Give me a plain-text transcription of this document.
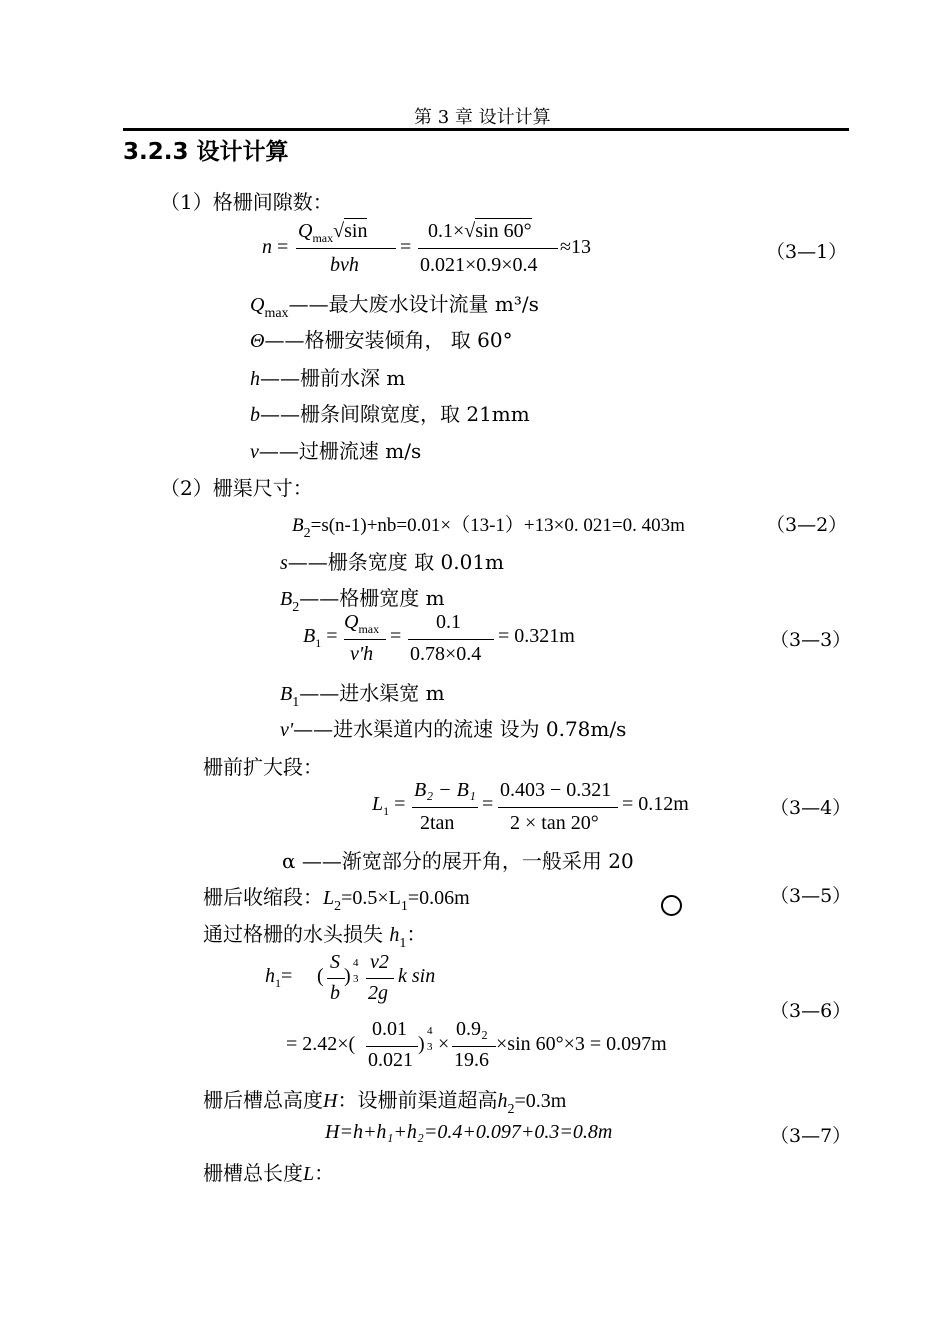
第 3 章 设计计算
3.2.3 设计计算
（1）格栅间隙数：
n =
$Q_{max}√\sin$
bvh
=
0.1×√sin 60°
0.021×0.9×0.4
≈13	（3—1）
$Q_{max}——$最大废水设计流量 m³/s
Θ——格栅安装倾角， 取 60°
h——栅前水深 m
b——栅条间隙宽度，取 21mm
v——过栅流速 m/s
（2）栅渠尺寸：
$B_2=s(n-1)+nb=0.01\times(13-1)+13\times 0$. 021=0. 403m	（3—2）
s——栅条宽度 取 0.01m
$B_2——$格栅宽度 m
$B_1$ =
$Q_{max}$
v'h
=
0.1
0.78×0.4
= 0.321m	（3—3）
$B_1——$进水渠宽 m
v'——进水渠道内的流速 设为 0.78m/s
栅前扩大段：
$L_1$ =
B₂ − B₁
2tan
=
0.403 − 0.321
2 × tan 20°
= 0.12m	（3—4）
α ——渐宽部分的展开角，一般采用 20
栅后收缩段：$L_2=0.5\times L_1=0.06m$	（3—5）
通过格栅的水头损失 $h_1$：
$h_1=$ (
S
b
)
4
3
v2
2g
k sin
（3—6）
= 2.42×(
0.01
0.021
)
4
3 ×
0.9₂
19.6
×sin 60°×3 = 0.097m
栅后槽总高度H：设栅前渠道超高$h_2=0.3m$
H=h+h₁+h₂=0.4+0.097+0.3=0.8m	（3—7）
栅槽总长度L：
